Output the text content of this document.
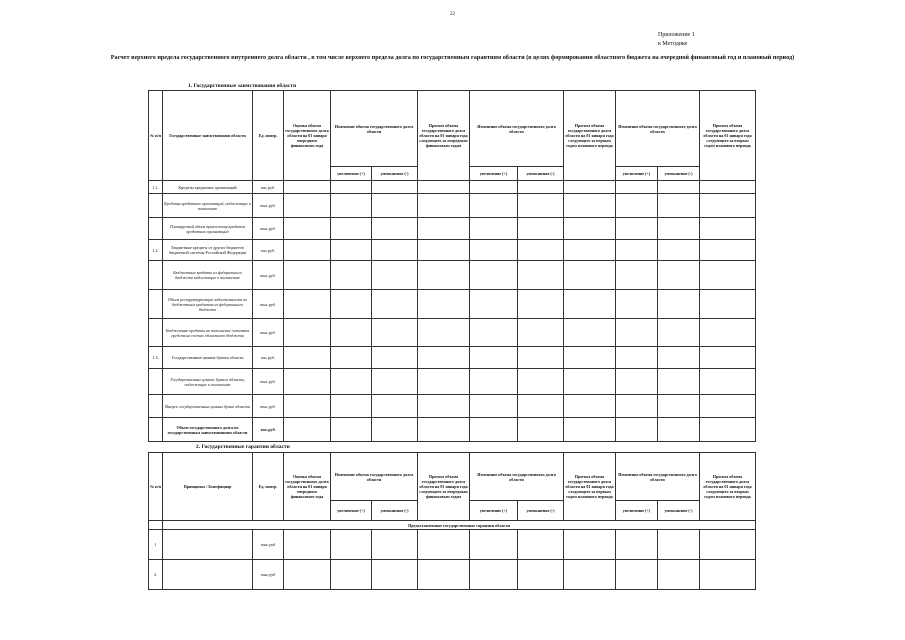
22
Приложение 1
к Методике
Расчет верхнего предела государственного внутреннего долга области , в том числе верхнего предела долга по государственным гарантиям области (в целях формирования областного бюджета на очередной финансовый год и плановый период)
1. Государственные заимствования области
№ п/п	Государственные заимствования области	Ед. измер.	Оценка объема государственного долга области на 01 января очередного финансового года	Изменение объема государственного долга области		Прогноз объема государственного долга области на 01 января года следующего за очередным финансовым годом	Изменение объема государственного долга области		Прогноз объема государственного долга области на 01 января года следующего за первым годом планового периода	Изменение объема государственного долга области		Прогноз объема государственного долга области на 01 января года следующего за вторым годом планового периода
				увеличение (+)	уменьшение (-)		увеличение (+)	уменьшение (-)		увеличение (+)	уменьшение (-)	
1.1.	Кредиты кредитных организаций	тыс.руб.										
	Кредиты кредитных организаций, подлежащие к погашению	тыс.руб.										
	Планируемый объем привлечения кредитов кредитных организаций	тыс.руб.										
1.2.	Бюджетные кредиты от других бюджетов бюджетной системы Российской Федерации	тыс.руб.										
	Бюджетные кредиты из федерального бюджета подлежащие к погашению	тыс.руб.										
	Объем реструктуризации задолженности по бюджетным кредитам из федерального бюджета	тыс.руб.										
	Бюджетные кредиты на пополнение остатков средств на счетах областного бюджета	тыс.руб.										
1.3.	Государственные ценные бумаги области	тыс.руб.										
	Государственные ценные бумаги области, подлежащие к погашению	тыс.руб.										
	Выпуск государственных ценных бумаг области	тыс.руб.										
	Объем государственного долга по государственным заимствованиям области	тыс.руб.										
2. Государственные гарантии области
№ п/п	Принципал / Бенефициар	Ед. измер.	Оценка объема государственного долга области на 01 января очередного финансового года	Изменение объема государственного долга области		Прогноз объема государственного долга области на 01 января года следующего за очередным финансовым годом	Изменение объема государственного долга области		Прогноз объема государственного долга области на 01 января года следующего за первым годом планового периода	Изменение объема государственного долга области		Прогноз объема государственного долга области на 01 января года следующего за вторым годом планового периода
				увеличение (+)	уменьшение (-)		увеличение (+)	уменьшение (-)		увеличение (+)	уменьшение (-)	
	Предоставленные государственные гарантии области											
1		тыс.руб										
2.		тыс.руб										
